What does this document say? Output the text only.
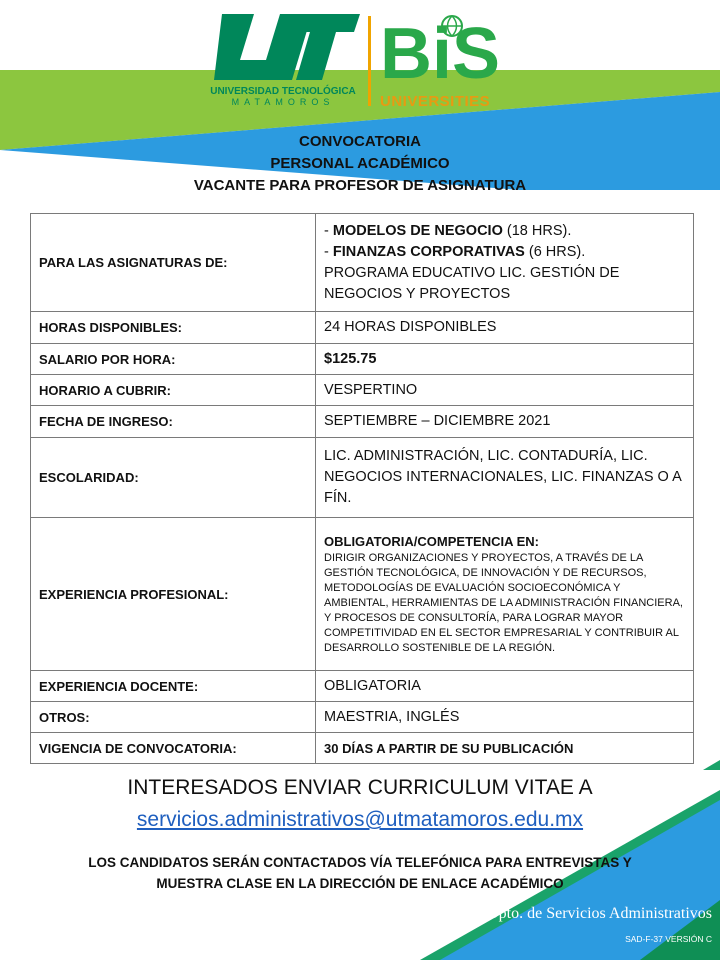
UNIVERSIDAD TECNOLÓGICA
MATAMOROS
BiS
UNIVERSITIES
CONVOCATORIA
PERSONAL ACADÉMICO
VACANTE PARA PROFESOR DE ASIGNATURA
PARA LAS ASIGNATURAS DE:	- MODELOS DE NEGOCIO (18 HRS).
- FINANZAS CORPORATIVAS (6 HRS).
PROGRAMA EDUCATIVO LIC. GESTIÓN DE NEGOCIOS Y PROYECTOS

HORAS DISPONIBLES:	24 HORAS DISPONIBLES
SALARIO POR HORA:	$125.75
HORARIO A CUBRIR:	VESPERTINO
FECHA DE INGRESO:	SEPTIEMBRE – DICIEMBRE 2021
ESCOLARIDAD:	LIC. ADMINISTRACIÓN, LIC. CONTADURÍA, LIC. NEGOCIOS INTERNACIONALES, LIC. FINANZAS O A FÍN.
EXPERIENCIA PROFESIONAL:	OBLIGATORIA/COMPETENCIA EN:
DIRIGIR ORGANIZACIONES Y PROYECTOS, A TRAVÉS DE LA GESTIÓN TECNOLÓGICA, DE INNOVACIÓN Y DE RECURSOS, METODOLOGÍAS DE EVALUACIÓN SOCIOECONÓMICA Y AMBIENTAL, HERRAMIENTAS DE LA ADMINISTRACIÓN FINANCIERA, Y PROCESOS DE CONSULTORÍA, PARA LOGRAR MAYOR COMPETITIVIDAD EN EL SECTOR EMPRESARIAL Y CONTRIBUIR AL DESARROLLO SOSTENIBLE DE LA REGIÓN.

EXPERIENCIA DOCENTE:	OBLIGATORIA
OTROS:	MAESTRIA, INGLÉS
VIGENCIA DE CONVOCATORIA:	30 DÍAS A PARTIR DE SU PUBLICACIÓN
INTERESADOS ENVIAR CURRICULUM VITAE A
servicios.administrativos@utmatamoros.edu.mx
LOS CANDIDATOS SERÁN CONTACTADOS VÍA TELEFÓNICA PARA ENTREVISTAS Y
MUESTRA CLASE EN LA DIRECCIÓN DE ENLACE ACADÉMICO
Dpto. de Servicios Administrativos
SAD-F-37 VERSIÓN C
